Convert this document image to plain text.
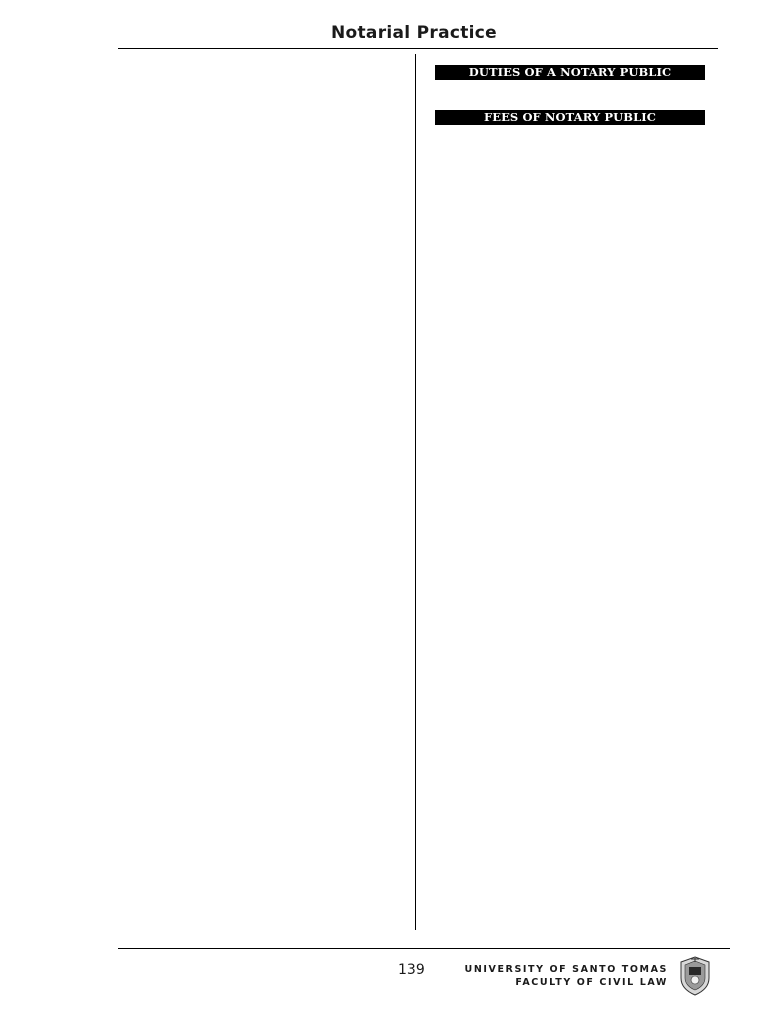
Notarial Practice
DUTIES OF A NOTARY PUBLIC
FEES OF NOTARY PUBLIC
139	UNIVERSITY OF SANTO TOMAS
FACULTY OF CIVIL LAW
